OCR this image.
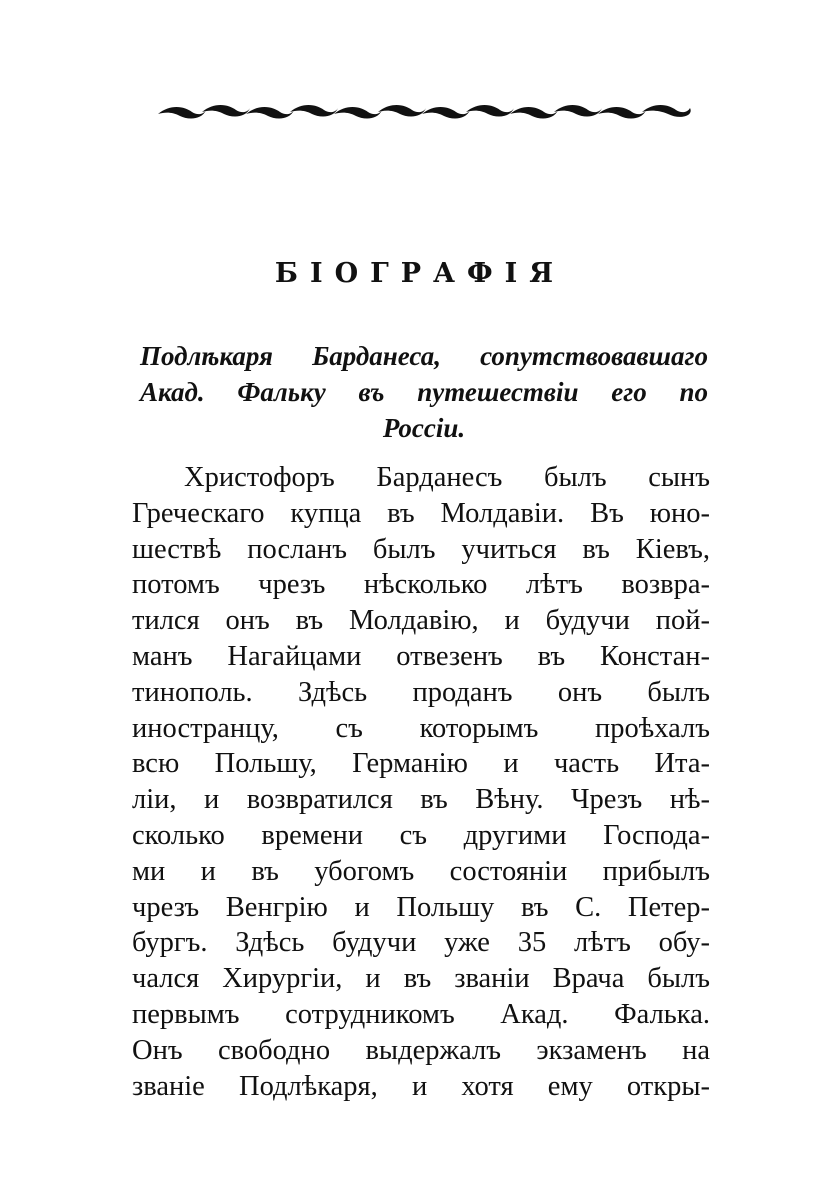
БІОГРАФІЯ
Подлѣкаря Барданеса, сопутствовавшаго
Акад. Фальку въ путешествіи его по
Россіи.
Христофоръ Барданесъ былъ сынъ
Греческаго купца въ Молдавіи. Въ юно-
шествѣ посланъ былъ учиться въ Кіевъ,
потомъ чрезъ нѣсколько лѣтъ возвра-
тился онъ въ Молдавію, и будучи пой-
манъ Нагайцами отвезенъ въ Констан-
тинополь. Здѣсь проданъ онъ былъ
иностранцу, съ которымъ проѣхалъ
всю Польшу, Германію и часть Ита-
ліи, и возвратился въ Вѣну. Чрезъ нѣ-
сколько времени съ другими Господа-
ми и въ убогомъ состояніи прибылъ
чрезъ Венгрію и Польшу въ С. Петер-
бургъ. Здѣсь будучи уже 35 лѣтъ обу-
чался Хирургіи, и въ званіи Врача былъ
первымъ сотрудникомъ Акад. Фалька.
Онъ свободно выдержалъ экзаменъ на
званіе Подлѣкаря, и хотя ему откры-
